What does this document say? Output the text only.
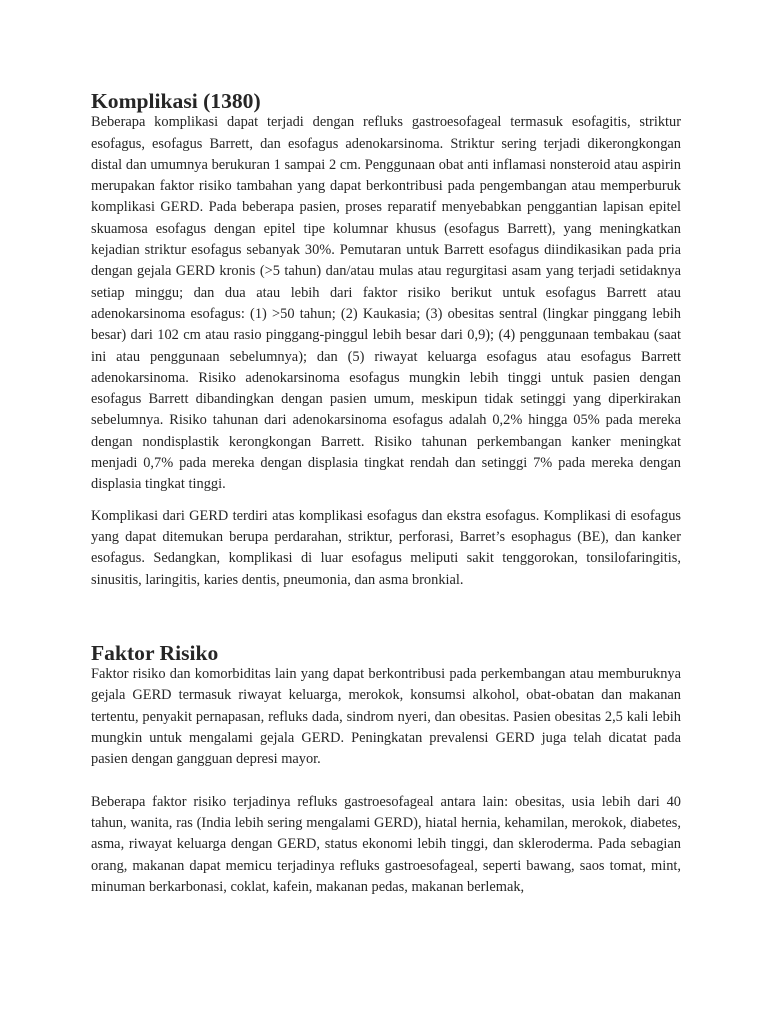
Komplikasi (1380)

Beberapa komplikasi dapat terjadi dengan refluks gastroesofageal termasuk esofagitis, striktur esofagus, esofagus Barrett, dan esofagus adenokarsinoma. Striktur sering terjadi dikerongkongan distal dan umumnya berukuran 1 sampai 2 cm. Penggunaan obat anti inflamasi nonsteroid atau aspirin merupakan faktor risiko tambahan yang dapat berkontribusi pada pengembangan atau memperburuk komplikasi GERD. Pada beberapa pasien, proses reparatif menyebabkan penggantian lapisan epitel skuamosa esofagus dengan epitel tipe kolumnar khusus (esofagus Barrett), yang meningkatkan kejadian striktur esofagus sebanyak 30%. Pemutaran untuk Barrett esofagus diindikasikan pada pria dengan gejala GERD kronis (>5 tahun) dan/atau mulas atau regurgitasi asam yang terjadi setidaknya setiap minggu; dan dua atau lebih dari faktor risiko berikut untuk esofagus Barrett atau adenokarsinoma esofagus: (1) >50 tahun; (2) Kaukasia; (3) obesitas sentral (lingkar pinggang lebih besar) dari 102 cm atau rasio pinggang-pinggul lebih besar dari 0,9); (4) penggunaan tembakau (saat ini atau penggunaan sebelumnya); dan (5) riwayat keluarga esofagus atau esofagus Barrett adenokarsinoma. Risiko adenokarsinoma esofagus mungkin lebih tinggi untuk pasien dengan esofagus Barrett dibandingkan dengan pasien umum, meskipun tidak setinggi yang diperkirakan sebelumnya. Risiko tahunan dari adenokarsinoma esofagus adalah 0,2% hingga 05% pada mereka dengan nondisplastik kerongkongan Barrett. Risiko tahunan perkembangan kanker meningkat menjadi 0,7% pada mereka dengan displasia tingkat rendah dan setinggi 7% pada mereka dengan displasia tingkat tinggi.

Komplikasi dari GERD terdiri atas komplikasi esofagus dan ekstra esofagus. Komplikasi di esofagus yang dapat ditemukan berupa perdarahan, striktur, perforasi, Barret’s esophagus (BE), dan kanker esofagus. Sedangkan, komplikasi di luar esofagus meliputi sakit tenggorokan, tonsilofaringitis, sinusitis, laringitis, karies dentis, pneumonia, dan asma bronkial.

Faktor Risiko

Faktor risiko dan komorbiditas lain yang dapat berkontribusi pada perkembangan atau memburuknya gejala GERD termasuk riwayat keluarga, merokok, konsumsi alkohol, obat-obatan dan makanan tertentu, penyakit pernapasan, refluks dada, sindrom nyeri, dan obesitas. Pasien obesitas 2,5 kali lebih mungkin untuk mengalami gejala GERD. Peningkatan prevalensi GERD juga telah dicatat pada pasien dengan gangguan depresi mayor.

Beberapa faktor risiko terjadinya refluks gastroesofageal antara lain: obesitas, usia lebih dari 40 tahun, wanita, ras (India lebih sering mengalami GERD), hiatal hernia, kehamilan, merokok, diabetes, asma, riwayat keluarga dengan GERD, status ekonomi lebih tinggi, dan skleroderma. Pada sebagian orang, makanan dapat memicu terjadinya refluks gastroesofageal, seperti bawang, saos tomat, mint, minuman berkarbonasi, coklat, kafein, makanan pedas, makanan berlemak,
